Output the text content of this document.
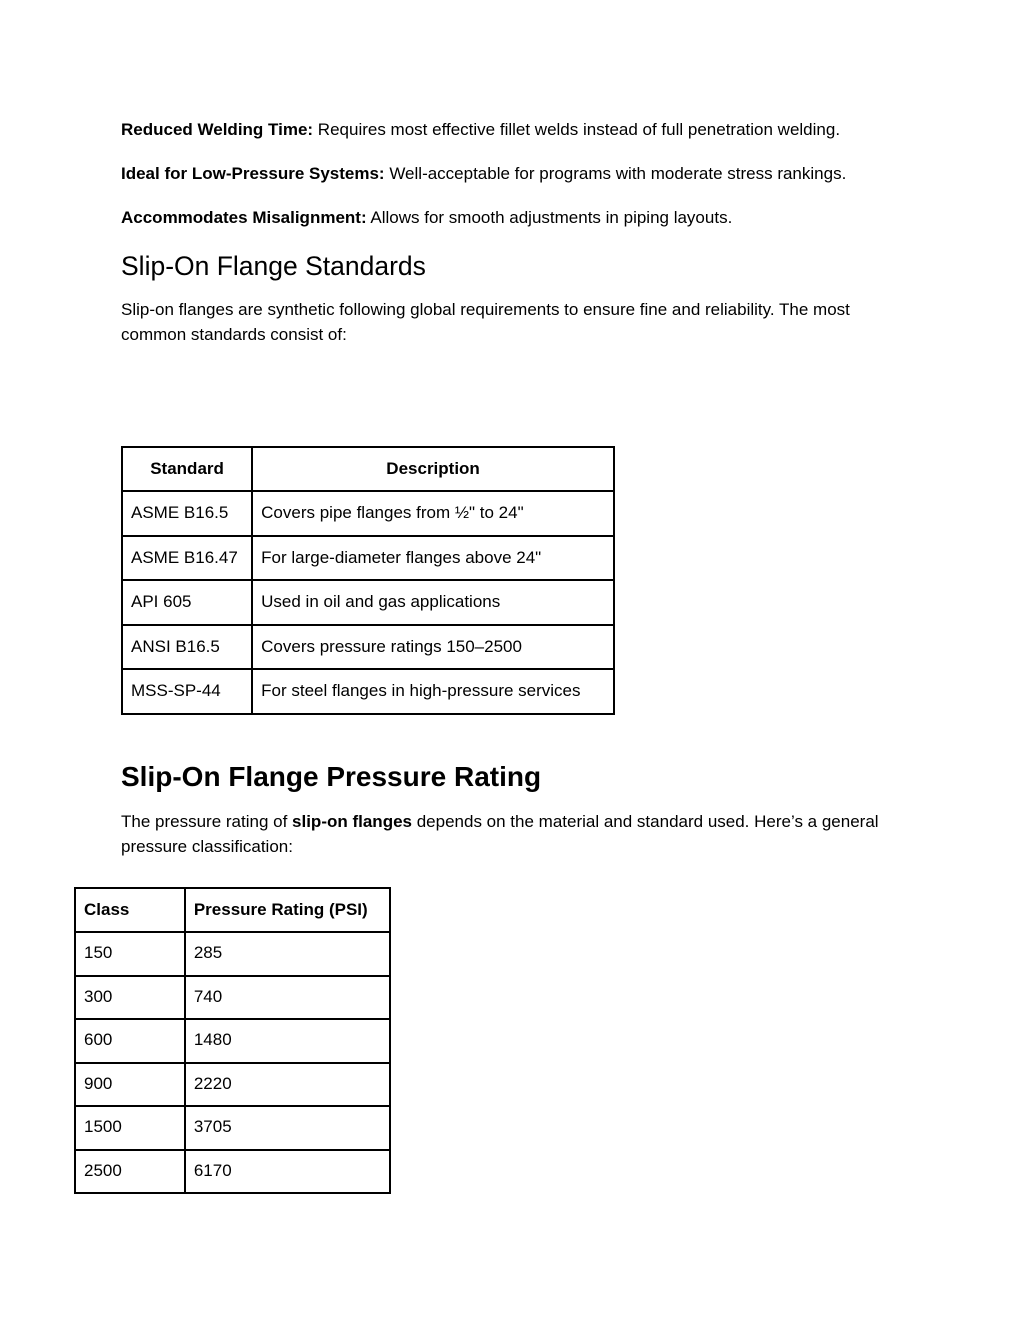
Reduced Welding Time: Requires most effective fillet welds instead of full penetration welding.

Ideal for Low-Pressure Systems: Well-acceptable for programs with moderate stress rankings.

Accommodates Misalignment: Allows for smooth adjustments in piping layouts.

Slip-On Flange Standards

Slip-on flanges are synthetic following global requirements to ensure fine and reliability. The most common standards consist of:

Standard	Description
ASME B16.5	Covers pipe flanges from ½" to 24"
ASME B16.47	For large-diameter flanges above 24"
API 605	Used in oil and gas applications
ANSI B16.5	Covers pressure ratings 150–2500
MSS-SP-44	For steel flanges in high-pressure services
Slip-On Flange Pressure Rating

The pressure rating of slip-on flanges depends on the material and standard used. Here’s a general pressure classification:

Class	Pressure Rating (PSI)
150	285
300	740
600	1480
900	2220
1500	3705
2500	6170
